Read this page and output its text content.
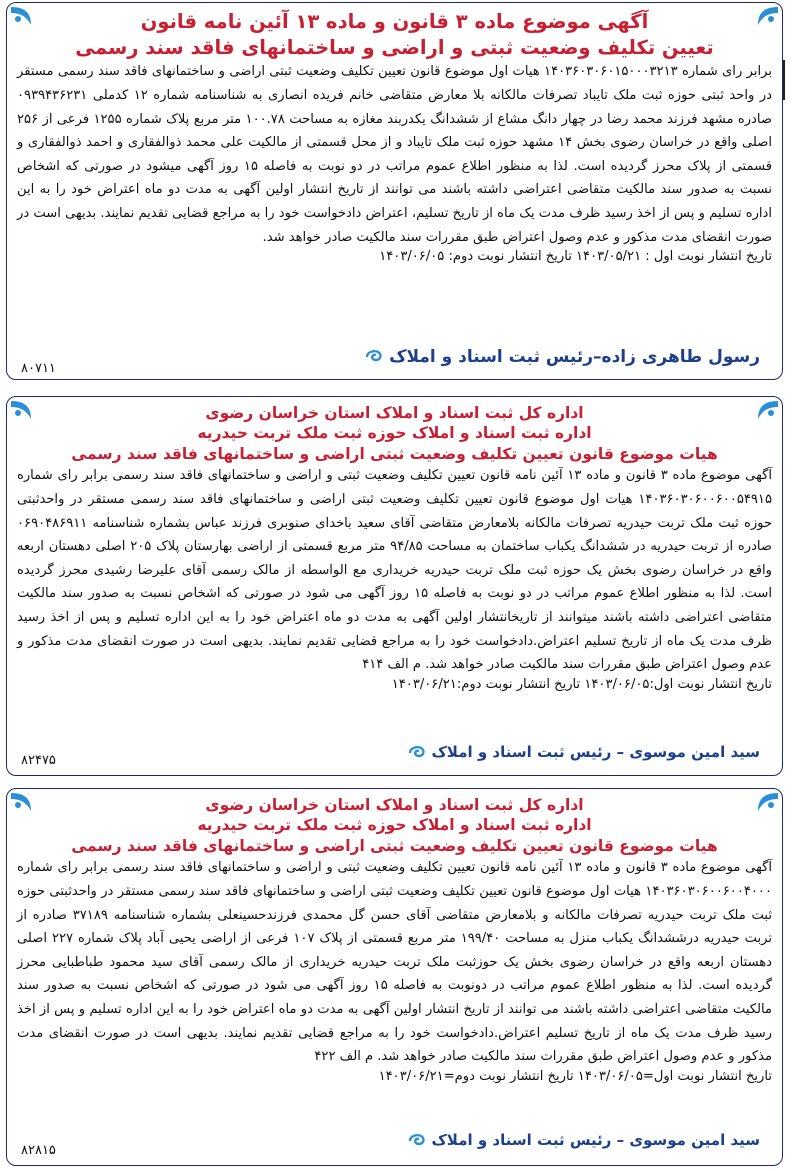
آگهی موضوع ماده ۳ قانون و ماده ۱۳ آئین نامه قانون
تعیین تکلیف وضعیت ثبتی و اراضی و ساختمانهای فاقد سند رسمی
برابر رای شماره ۱۴۰۳۶۰۳۰۶۰۱۵۰۰۰۳۲۱۳ هیات اول موضوع قانون تعیین تکلیف وضعیت ثبتی اراضی و ساختمانهای فاقد سند رسمی مستقر در واحد ثبتی حوزه ثبت ملک تایباد تصرفات مالکانه بلا معارض متقاضی خانم فریده انصاری به شناسنامه شماره ۱۲ کدملی ۰۹۳۹۴۳۶۲۳۱ صادره مشهد فرزند محمد رضا در چهار دانگ مشاع از ششدانگ یکدربند مغازه به مساحت ۱۰۰.۷۸ متر مربع پلاک شماره ۱۲۵۵ فرعی از ۲۵۶ اصلی واقع در خراسان رضوی بخش ۱۴ مشهد حوزه ثبت ملک تایباد و از محل قسمتی از مالکیت علی محمد ذوالفقاری و احمد ذوالفقاری و قسمتی از پلاک محرز گردیده است. لذا به منظور اطلاع عموم مراتب در دو نوبت به فاصله ۱۵ روز آگهی میشود در صورتی که اشخاص نسبت به صدور سند مالکیت متقاضی اعتراضی داشته باشند می توانند از تاریخ انتشار اولین آگهی به مدت دو ماه اعتراض خود را به این اداره تسلیم و پس از اخذ رسید ظرف مدت یک ماه از تاریخ تسلیم، اعتراض دادخواست خود را به مراجع قضایی تقدیم نمایند. بدیهی است در صورت انقضای مدت مذکور و عدم وصول اعتراض طبق مقررات سند مالکیت صادر خواهد شد.
تاریخ انتشار نوبت اول : ۱۴۰۳/۰۵/۲۱ تاریخ انتشار نوبت دوم: ۱۴۰۳/۰۶/۰۵
رسول طاهری زاده–رئیس ثبت اسناد و املاک
۸۰۷۱۱
اداره کل ثبت اسناد و املاک استان خراسان رضوی
اداره ثبت اسناد و املاک حوزه ثبت ملک تربت حیدریه
هیات موضوع قانون تعیین تکلیف وضعیت ثبتی اراضی و ساختمانهای فاقد سند رسمی
آگهی موضوع ماده ۳ قانون و ماده ۱۳ آئین نامه قانون تعیین تکلیف وضعیت ثبتی و اراضی و ساختمانهای فاقد سند رسمی برابر رای شماره ۱۴۰۳۶۰۳۰۶۰۰۶۰۰۵۴۹۱۵ هیات اول موضوع قانون تعیین تکلیف وضعیت ثبتی اراضی و ساختمانهای فاقد سند رسمی مستقر در واحدثبتی حوزه ثبت ملک تربت حیدریه تصرفات مالکانه بلامعارض متقاضی آقای سعید باخدای صنوبری فرزند عباس بشماره شناسنامه ۰۶۹۰۴۸۶۹۱۱ صادره از تربت حیدریه در ششدانگ یکباب ساختمان به مساحت ۹۴/۸۵ متر مربع قسمتی از اراضی بهارستان پلاک ۲۰۵ اصلی دهستان اربعه واقع در خراسان رضوی بخش یک حوزه ثبت ملک تربت حیدریه خریداری مع الواسطه از مالک رسمی آقای علیرضا رشیدی محرز گردیده است. لذا به منظور اطلاع عموم مراتب در دو نوبت به فاصله ۱۵ روز آگهی می شود در صورتی که اشخاص نسبت به صدور سند مالکیت متقاضی اعتراضی داشته باشند میتوانند از تاریخانتشار اولین آگهی به مدت دو ماه اعتراض خود را به این اداره تسلیم و پس از اخذ رسید ظرف مدت یک ماه از تاریخ تسلیم اعتراض.دادخواست خود را به مراجع قضایی تقدیم نمایند. بدیهی است در صورت انقضای مدت مذکور و عدم وصول اعتراض طبق مقررات سند مالکیت صادر خواهد شد. م الف ۴۱۴
تاریخ انتشار نوبت اول:۱۴۰۳/۰۶/۰۵ تاریخ انتشار نوبت دوم:۱۴۰۳/۰۶/۲۱
سید امین موسوی – رئیس ثبت اسناد و املاک
۸۲۴۷۵
اداره کل ثبت اسناد و املاک استان خراسان رضوی
اداره ثبت اسناد و املاک حوزه ثبت ملک تربت حیدریه
هیات موضوع قانون تعیین تکلیف وضعیت ثبتی اراضی و ساختمانهای فاقد سند رسمی
آگهی موضوع ماده ۳ قانون و ماده ۱۳ آئین نامه قانون تعیین تکلیف وضعیت ثبتی و اراضی و ساختمانهای فاقد سند رسمی برابر رای شماره ۱۴۰۳۶۰۳۰۶۰۰۶۰۰۴۰۰۰ هیات اول موضوع قانون تعیین تکلیف وضعیت ثبتی اراضی و ساختمانهای فاقد سند رسمی مستقر در واحدثبتی حوزه ثبت ملک تربت حیدریه تصرفات مالکانه و بلامعارض متقاضی آقای حسن گل محمدی فرزندحسینعلی بشماره شناسنامه ۳۷۱۸۹ صادره از تربت حیدریه درششدانگ یکباب منزل به مساحت ۱۹۹/۴۰ متر مربع قسمتی از پلاک ۱۰۷ فرعی از اراضی یحیی آباد پلاک شماره ۲۲۷ اصلی دهستان اربعه واقع در خراسان رضوی بخش یک حوزثبت ملک تربت حیدریه خریداری از مالک رسمی آقای سید محمود طباطبایی محرز گردیده است. لذا به منظور اطلاع عموم مراتب در دونوبت به فاصله ۱۵ روز آگهی می شود در صورتی که اشخاص نسبت به صدور سند مالکیت متقاضی اعتراضی داشته باشند می توانند از تاریخ انتشار اولین آگهی به مدت دو ماه اعتراض خود را به این اداره تسلیم و پس از اخذ رسید ظرف مدت یک ماه از تاریخ تسلیم اعتراض.دادخواست خود را به مراجع قضایی تقدیم نمایند. بدیهی است در صورت انقضای مدت مذکور و عدم وصول اعتراض طبق مقررات سند مالکیت صادر خواهد شد. م الف ۴۲۲
تاریخ انتشار نوبت اول=۱۴۰۳/۰۶/۰۵ تاریخ انتشار نوبت دوم=۱۴۰۳/۰۶/۲۱
سید امین موسوی – رئیس ثبت اسناد و املاک
۸۲۸۱۵
